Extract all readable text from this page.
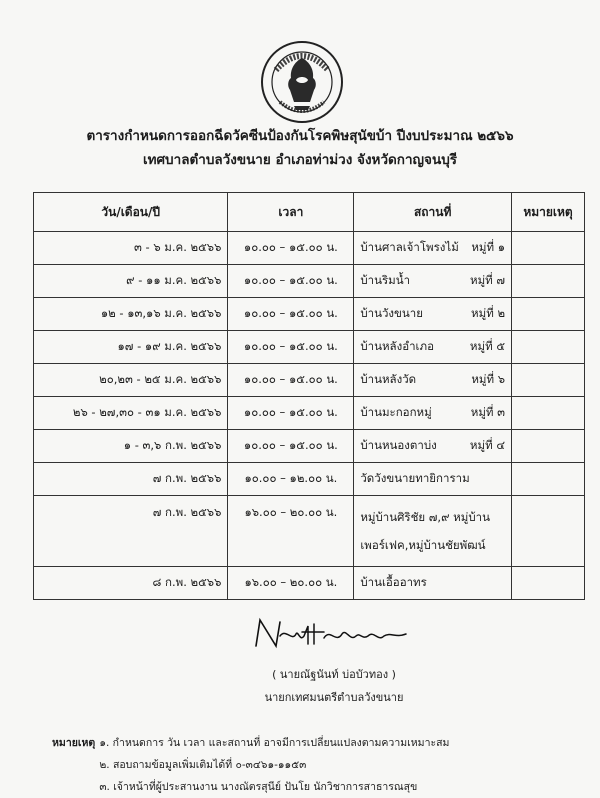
ตารางกำหนดการออกฉีดวัคซีนป้องกันโรคพิษสุนัขบ้า ปีงบประมาณ ๒๕๖๖
เทศบาลตำบลวังขนาย อำเภอท่าม่วง จังหวัดกาญจนบุรี
วัน/เดือน/ปี	เวลา	สถานที่	หมายเหตุ
๓ - ๖ ม.ค. ๒๕๖๖	๑๐.๐๐ – ๑๕.๐๐ น.	บ้านศาลเจ้าโพรงไม้ หมู่ที่ ๑	

๙ - ๑๑ ม.ค. ๒๕๖๖	๑๐.๐๐ – ๑๕.๐๐ น.	บ้านริมน้ำ หมู่ที่ ๗	

๑๒ - ๑๓,๑๖ ม.ค. ๒๕๖๖	๑๐.๐๐ – ๑๕.๐๐ น.	บ้านวังขนาย หมู่ที่ ๒	

๑๗ - ๑๙ ม.ค. ๒๕๖๖	๑๐.๐๐ – ๑๕.๐๐ น.	บ้านหลังอำเภอ หมู่ที่ ๕	

๒๐,๒๓ - ๒๕ ม.ค. ๒๕๖๖	๑๐.๐๐ – ๑๕.๐๐ น.	บ้านหลังวัด หมู่ที่ ๖	

๒๖ - ๒๗,๓๐ - ๓๑ ม.ค. ๒๕๖๖	๑๐.๐๐ – ๑๕.๐๐ น.	บ้านมะกอกหมู่ หมู่ที่ ๓	

๑ - ๓,๖ ก.พ. ๒๕๖๖	๑๐.๐๐ – ๑๕.๐๐ น.	บ้านหนองตาบ่ง หมู่ที่ ๔	

๗ ก.พ. ๒๕๖๖	๑๐.๐๐ – ๑๒.๐๐ น.	วัดวังขนายทายิการาม	
๗ ก.พ. ๒๕๖๖	๑๖.๐๐ – ๒๐.๐๐ น.	หมู่บ้านศิริชัย ๗,๙ หมู่บ้าน
เพอร์เฟค,หมู่บ้านชัยพัฒน์	

๘ ก.พ. ๒๕๖๖	๑๖.๐๐ – ๒๐.๐๐ น.	บ้านเอื้ออาทร	
( นายณัฐนันท์ บ่อบัวทอง )
นายกเทศมนตรีตำบลวังขนาย
หมายเหตุ ๑. กำหนดการ วัน เวลา และสถานที่ อาจมีการเปลี่ยนแปลงตามความเหมาะสม
๒. สอบถามข้อมูลเพิ่มเติมได้ที่ ๐-๓๔๖๑-๑๑๕๓
๓. เจ้าหน้าที่ผู้ประสานงาน นางณัตรสุนีย์ ปันโย นักวิชาการสาธารณสุข
